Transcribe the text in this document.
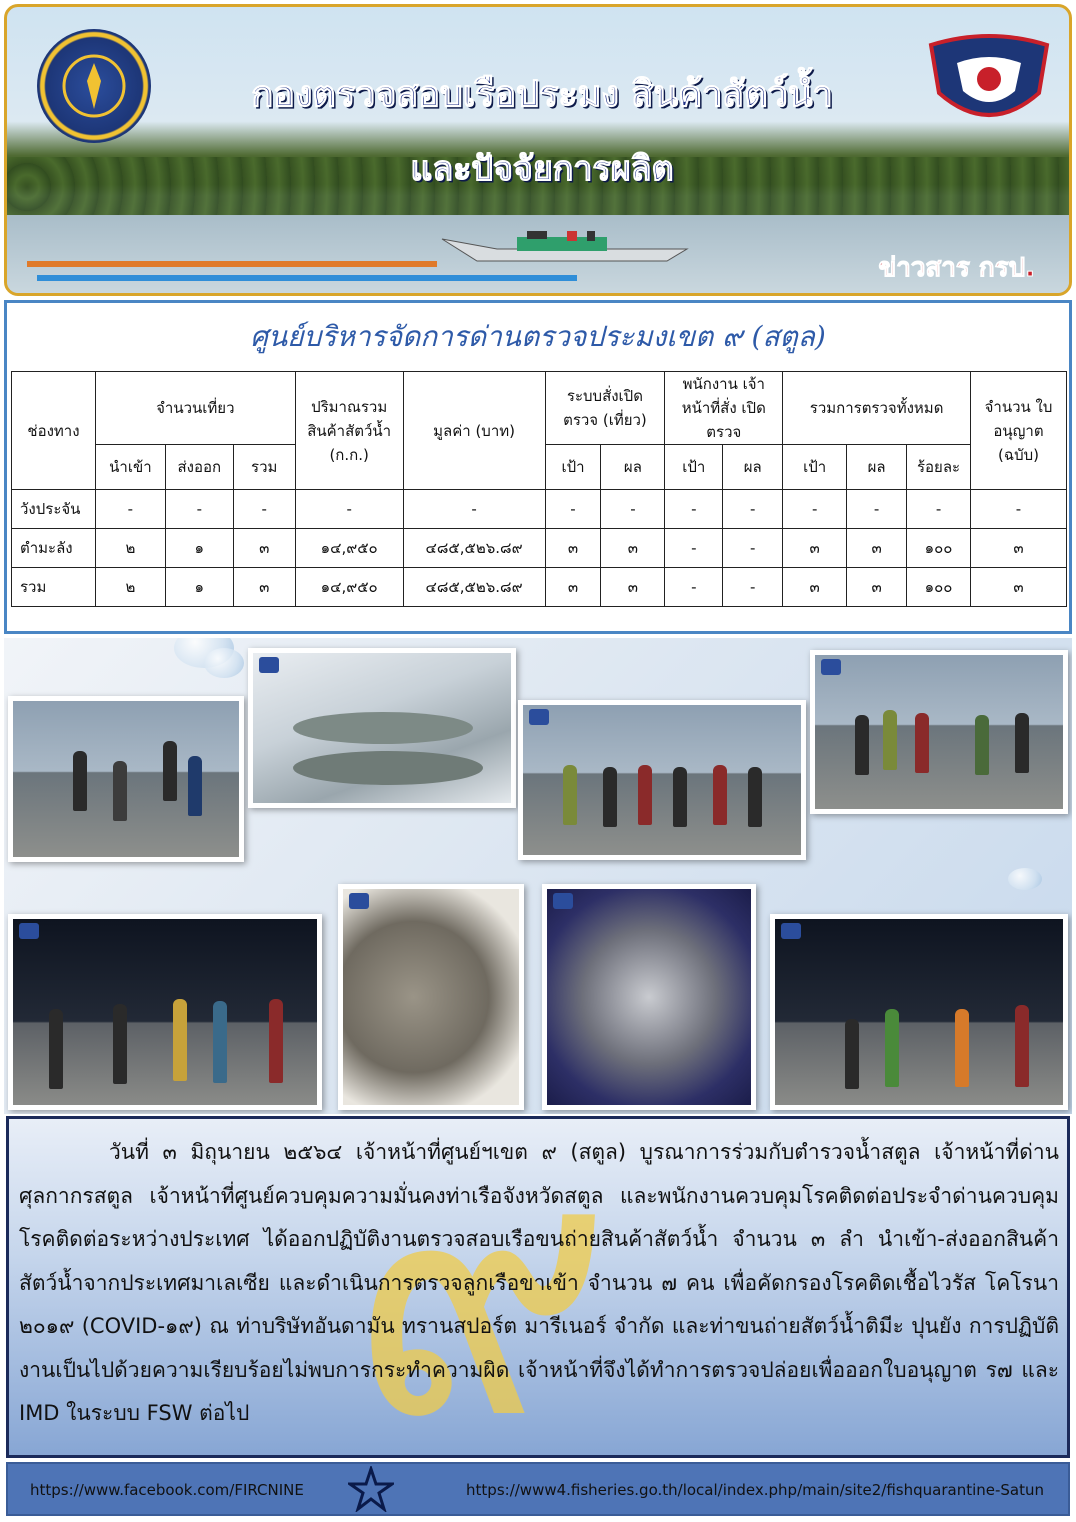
กองตรวจสอบเรือประมง สินค้าสัตว์น้ำ
และปัจจัยการผลิต
ข่าวสาร กรป.
ศูนย์บริหารจัดการด่านตรวจประมงเขต ๙ (สตูล)
ช่องทาง	จำนวนเที่ยว			ปริมาณรวม สินค้าสัตว์น้ำ (ก.ก.)	มูลค่า (บาท)	ระบบสั่งเปิด ตรวจ (เที่ยว)		พนักงาน เจ้าหน้าที่สั่ง เปิดตรวจ		รวมการตรวจทั้งหมด			จำนวน ใบอนุญาต (ฉบับ)
	นำเข้า	ส่งออก	รวม			เป้า	ผล	เป้า	ผล	เป้า	ผล	ร้อยละ	
วังประจัน	-	-	-	-	-	-	-	-	-	-	-	-	-
ตำมะลัง	๒	๑	๓	๑๔,๙๕๐	๔๘๕,๕๒๖.๘๙	๓	๓	-	-	๓	๓	๑๐๐	๓
รวม	๒	๑	๓	๑๔,๙๕๐	๔๘๕,๕๒๖.๘๙	๓	๓	-	-	๓	๓	๑๐๐	๓
๙
วันที่ ๓ มิถุนายน ๒๕๖๔ เจ้าหน้าที่ศูนย์ฯเขต ๙ (สตูล) บูรณาการร่วมกับตำรวจน้ำสตูล เจ้าหน้าที่ด่านศุลกากรสตูล เจ้าหน้าที่ศูนย์ควบคุมความมั่นคงท่าเรือจังหวัดสตูล และพนักงานควบคุมโรคติดต่อประจำด่านควบคุมโรคติดต่อระหว่างประเทศ ได้ออกปฏิบัติงานตรวจสอบเรือขนถ่ายสินค้าสัตว์น้ำ จำนวน ๓ ลำ นำเข้า-ส่งออกสินค้าสัตว์น้ำจากประเทศมาเลเซีย และดำเนินการตรวจลูกเรือขาเข้า จำนวน ๗ คน เพื่อคัดกรองโรคติดเชื้อไวรัส โคโรนา ๒๐๑๙ (COVID-๑๙) ณ ท่าบริษัทอันดามัน ทรานสปอร์ต มารีเนอร์ จำกัด และท่าขนถ่ายสัตว์น้ำติมีะ ปุนยัง การปฏิบัติงานเป็นไปด้วยความเรียบร้อยไม่พบการกระทำความผิด เจ้าหน้าที่จึงได้ทำการตรวจปล่อยเพื่อออกใบอนุญาต ร๗ และ IMD ในระบบ FSW ต่อไป
https://www.facebook.com/FIRCNINE	https://www4.fisheries.go.th/local/index.php/main/site2/fishquarantine-Satun
